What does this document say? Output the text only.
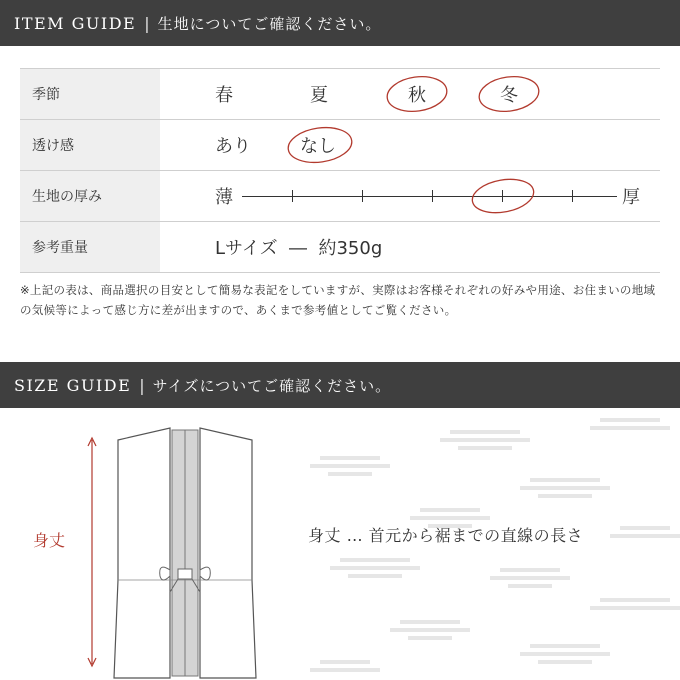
ITEM GUIDE | 生地についてご確認ください。
季節	春	夏	秋	冬
透け感	あり	なし
生地の厚み	薄	厚
参考重量	Lサイズ  ―  約350g
※上記の表は、商品選択の目安として簡易な表記をしていますが、実際はお客様それぞれの好みや用途、お住まいの地域の気候等によって感じ方に差が出ますので、あくまで参考値としてご覧ください。
SIZE GUIDE | サイズについてご確認ください。
身丈	身丈 … 首元から裾までの直線の長さ
